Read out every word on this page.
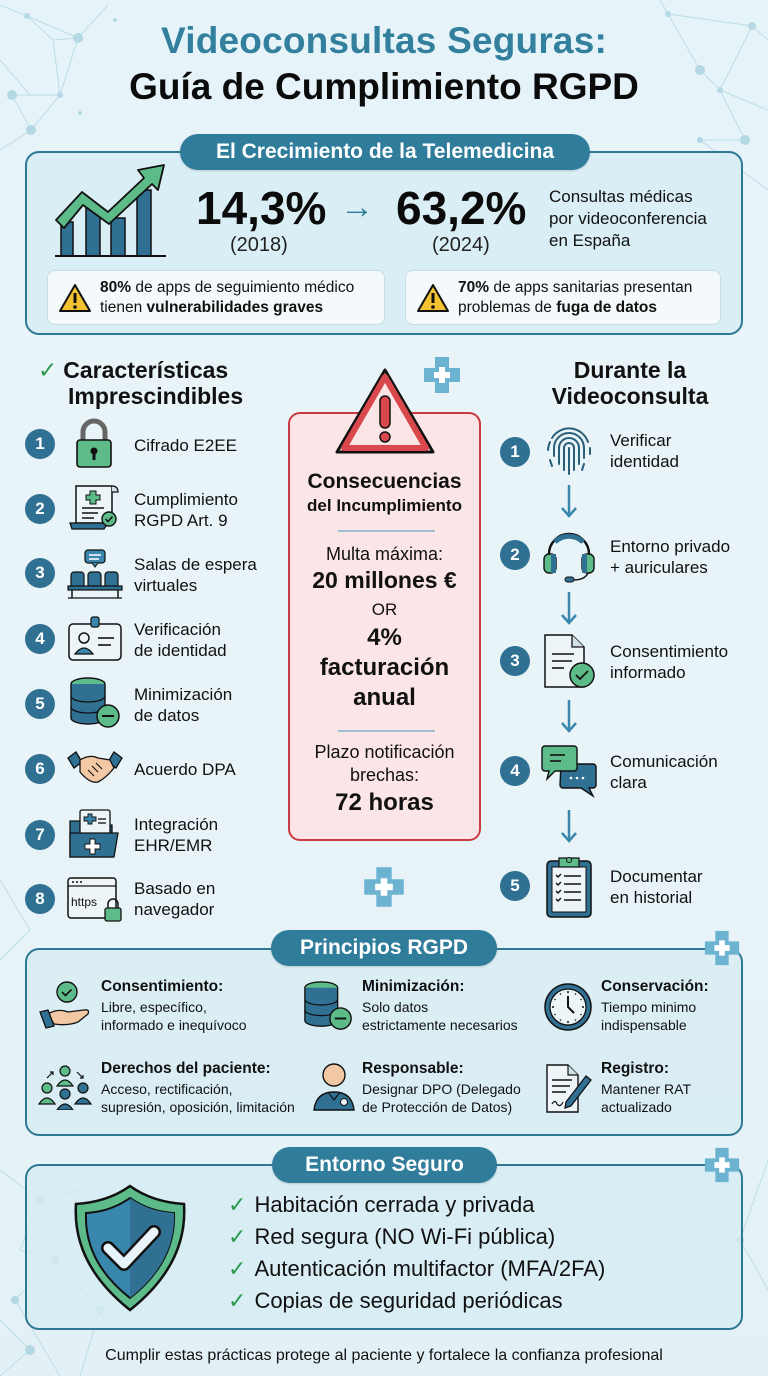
Videoconsultas Seguras:
Guía de Cumplimiento RGPD
El Crecimiento de la Telemedicina
14,3%
(2018)
→ 63,2%
(2024)
Consultas médicas
por videoconferencia
en España
80% de apps de seguimiento médico
tienen vulnerabilidades graves
70% de apps sanitarias presentan
problemas de fuga de datos
✓ Características
Imprescindibles
1	Cifrado E2EE
2	Cumplimiento
RGPD Art. 9
3	Salas de espera
virtuales
4	Verificación
de identidad
5	Minimización
de datos
6	Acuerdo DPA
7
Integración
EHR/EMR
8	https
Basado en
navegador
Consecuencias
del Incumplimiento
Multa máxima:
20 millones €
OR
4%
facturación
anual
Plazo notificación
brechas:
72 horas
Durante la
Videoconsulta
1
Verificar
identidad
2	Entorno privado
+ auriculares
3	Consentimiento
informado
4	Comunicación
clara
5	Documentar
en historial
Principios RGPD
Consentimiento:
Libre, específico,
informado e inequívoco
Minimización:
Solo datos
estrictamente necesarios
Conservación:
Tiempo minimo
indispensable
Derechos del paciente:
Acceso, rectificación,
supresión, oposición, limitación
Responsable:
Designar DPO (Delegado
de Protección de Datos)
Registro:
Mantener RAT
actualizado
Entorno Seguro
✓ Habitación cerrada y privada
✓ Red segura (NO Wi-Fi pública)
✓ Autenticación multifactor (MFA/2FA)
✓ Copias de seguridad periódicas
Cumplir estas prácticas protege al paciente y fortalece la confianza profesional
